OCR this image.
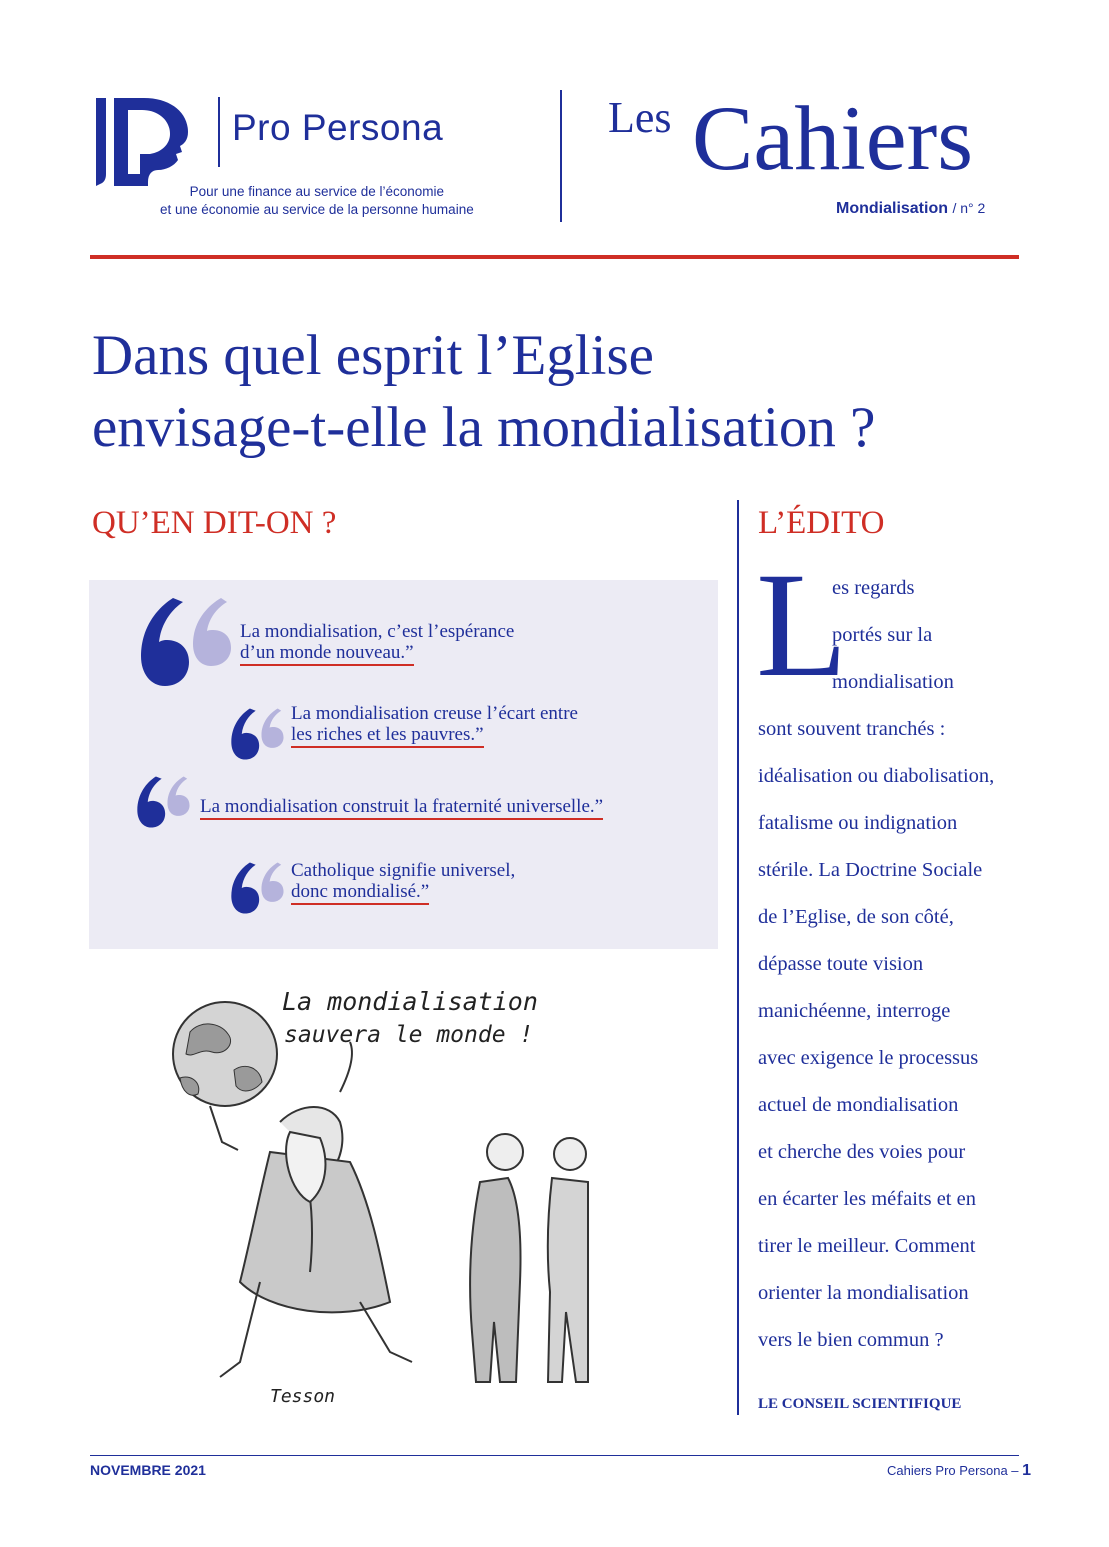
Pro Persona
Pour une finance au service de l’économie
et une économie au service de la personne humaine
Les Cahiers
Mondialisation / n° 2
Dans quel esprit l’Eglise
envisage-t-elle la mondialisation ?
QU’EN DIT-ON ?
La mondialisation, c’est l’espérance
d’un monde nouveau.”
La mondialisation creuse l’écart entre
les riches et les pauvres.”
La mondialisation construit la fraternité universelle.”
Catholique signifie universel,
donc mondialisé.”
La mondialisation
sauvera le monde !
Tesson
L’ÉDITO
L
es regards
portés sur la
mondialisation
sont souvent tranchés :
idéalisation ou diabolisation,
fatalisme ou indignation
stérile. La Doctrine Sociale
de l’Eglise, de son côté,
dépasse toute vision
manichéenne, interroge
avec exigence le processus
actuel de mondialisation
et cherche des voies pour
en écarter les méfaits et en
tirer le meilleur. Comment
orienter la mondialisation
vers le bien commun ?
LE CONSEIL SCIENTIFIQUE
NOVEMBRE 2021	Cahiers Pro Persona – 1
